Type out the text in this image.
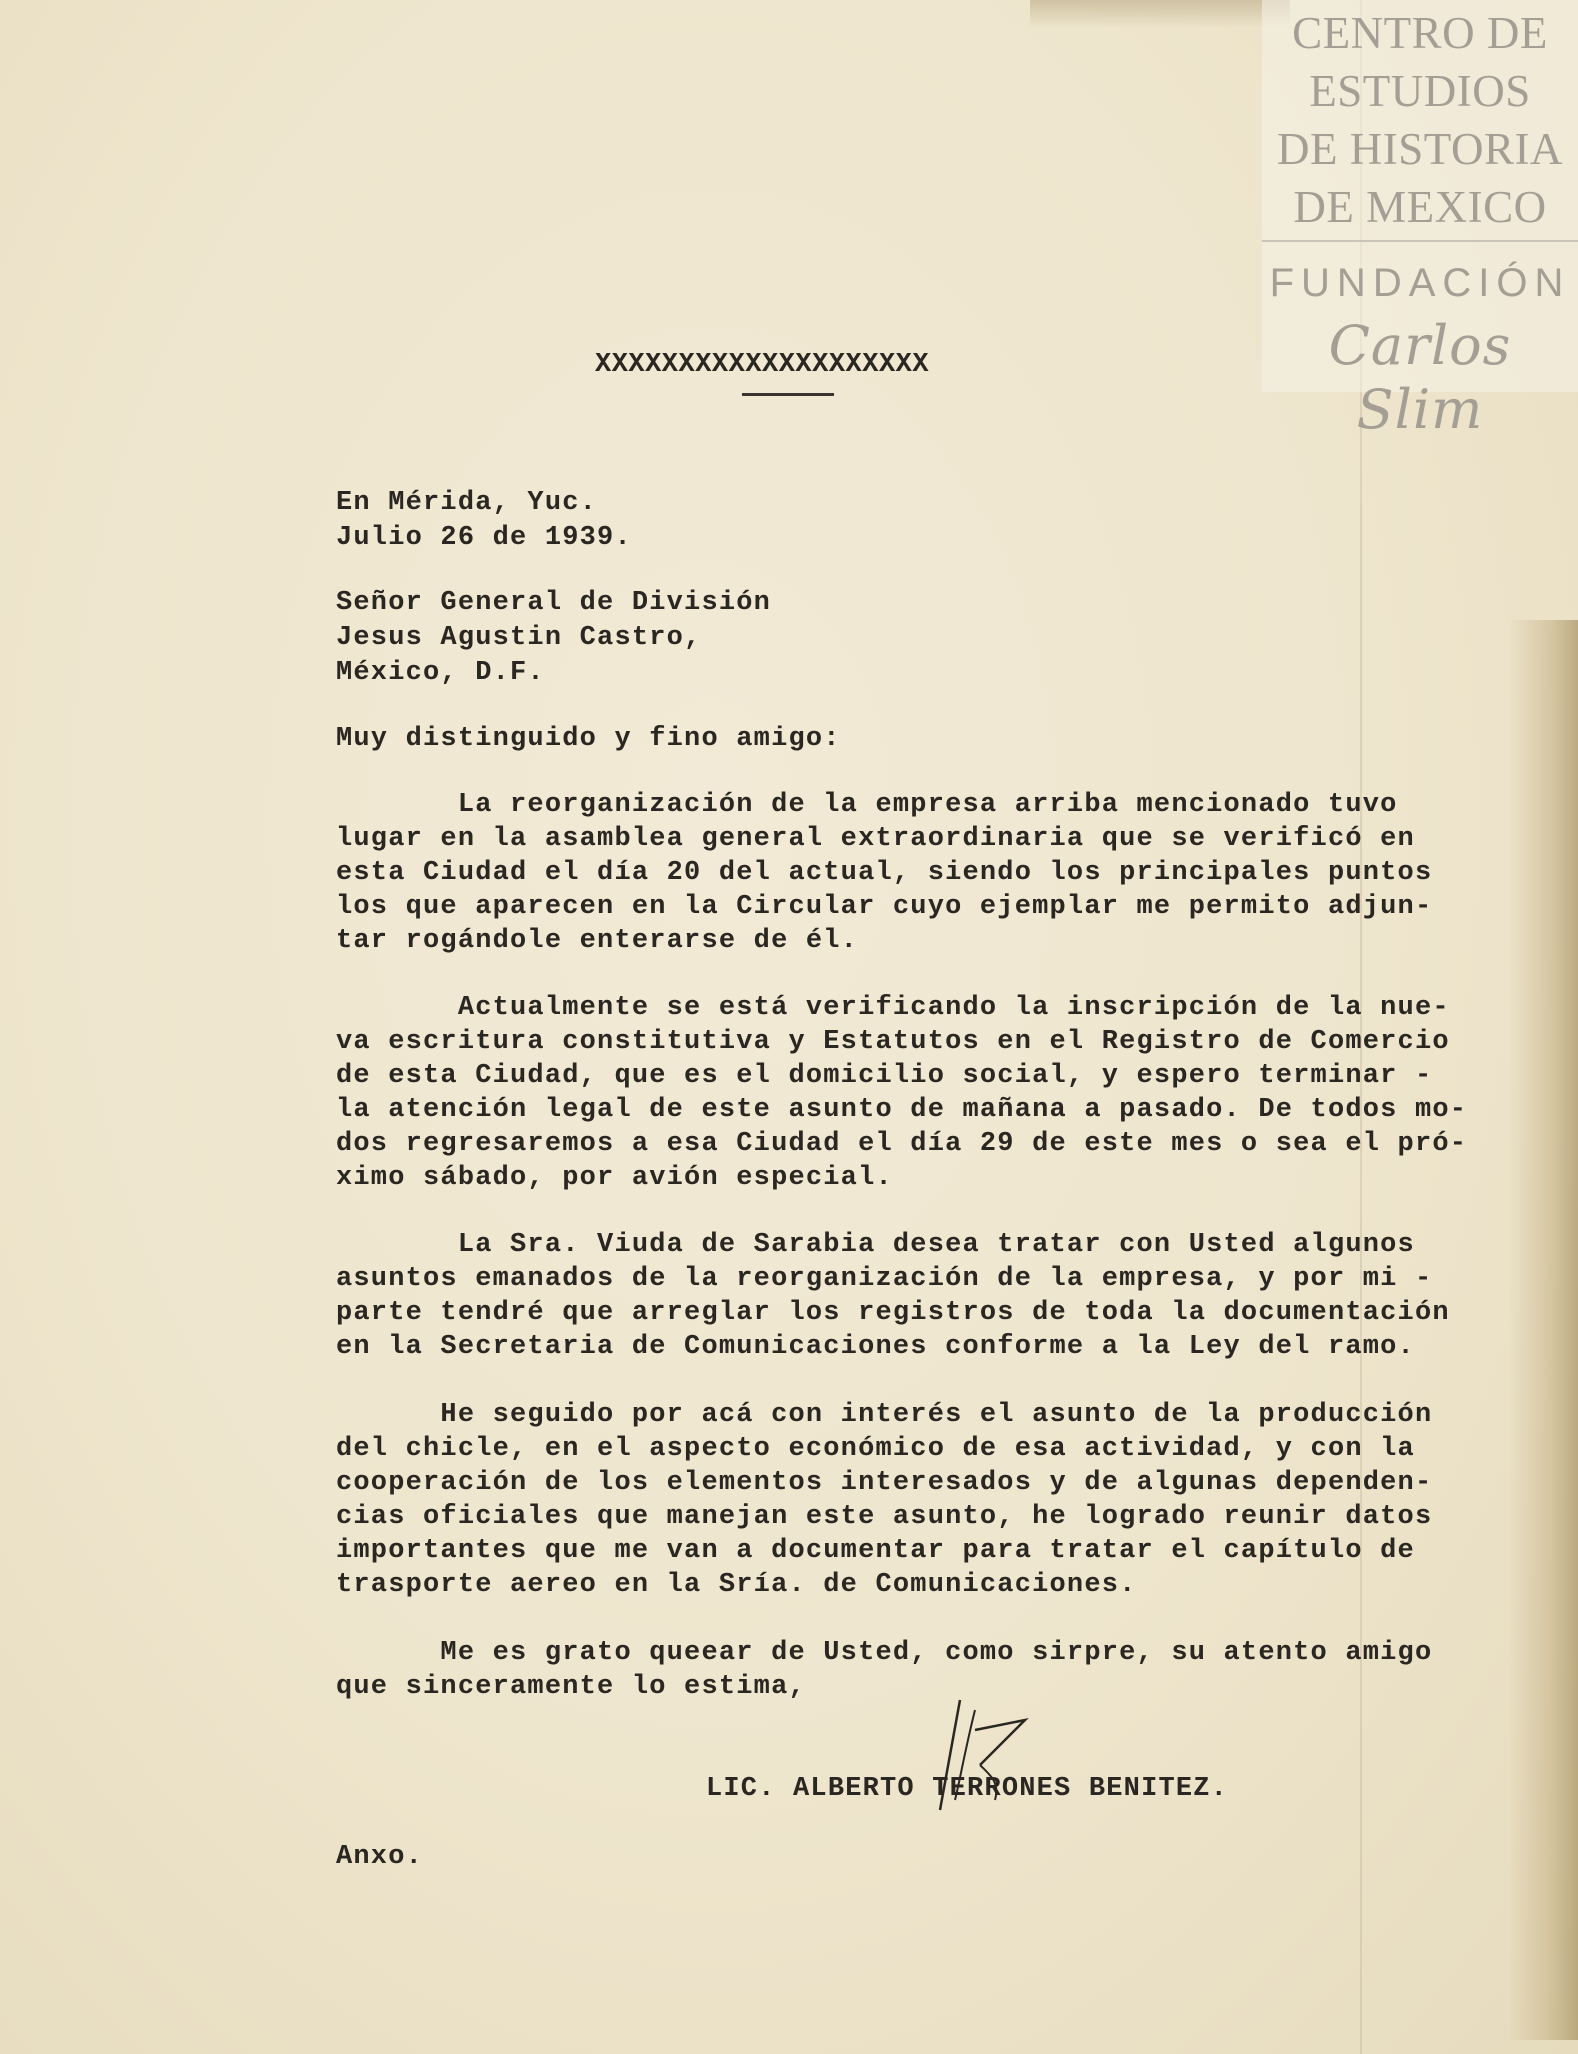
CENTRO DE
ESTUDIOS
DE HISTORIA
DE MEXICO
FUNDACIÓN
Carlos Slim
XXXXXXXXXXXXXXXXXXXX
En Mérida, Yuc.
Julio 26 de 1939.
Señor General de División
Jesus Agustin Castro,
México, D.F.
Muy distinguido y fino amigo:
La reorganización de la empresa arriba mencionado tuvo
lugar en la asamblea general extraordinaria que se verificó en
esta Ciudad el día 20 del actual, siendo los principales puntos
los que aparecen en la Circular cuyo ejemplar me permito adjun-
tar rogándole enterarse de él.
Actualmente se está verificando la inscripción de la nue-
va escritura constitutiva y Estatutos en el Registro de Comercio
de esta Ciudad, que es el domicilio social, y espero terminar -
la atención legal de este asunto de mañana a pasado. De todos mo-
dos regresaremos a esa Ciudad el día 29 de este mes o sea el pró-
ximo sábado, por avión especial.
La Sra. Viuda de Sarabia desea tratar con Usted algunos
asuntos emanados de la reorganización de la empresa, y por mi -
parte tendré que arreglar los registros de toda la documentación
en la Secretaria de Comunicaciones conforme a la Ley del ramo.
He seguido por acá con interés el asunto de la producción
del chicle, en el aspecto económico de esa actividad, y con la
cooperación de los elementos interesados y de algunas dependen-
cias oficiales que manejan este asunto, he logrado reunir datos
importantes que me van a documentar para tratar el capítulo de
trasporte aereo en la Sría. de Comunicaciones.
Me es grato queear de Usted, como sirpre, su atento amigo
que sinceramente lo estima,
LIC. ALBERTO TERRONES BENITEZ.
Anxo.
